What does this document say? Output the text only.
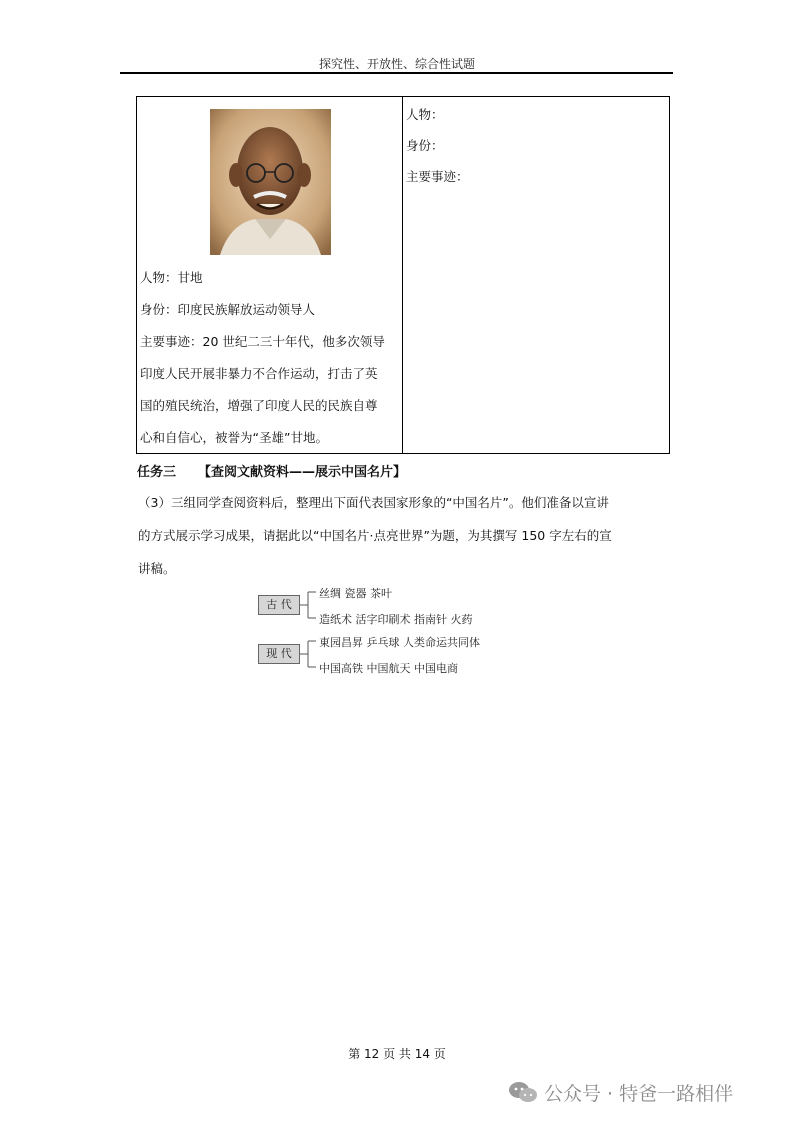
探究性、开放性、综合性试题
人物：甘地
身份：印度民族解放运动领导人
主要事迹：20 世纪二三十年代，他多次领导
印度人民开展非暴力不合作运动，打击了英
国的殖民统治，增强了印度人民的民族自尊
心和自信心，被誉为“圣雄”甘地。
人物：
身份：
主要事迹：
任务三 【查阅文献资料——展示中国名片】
（3）三组同学查阅资料后，整理出下面代表国家形象的“中国名片”。他们准备以宣讲
的方式展示学习成果，请据此以“中国名片·点亮世界”为题，为其撰写 150 字左右的宣
讲稿。
古 代
丝绸 瓷器 茶叶
造纸术 活字印刷术 指南针 火药
现 代
東园昌昇 乒乓球 人类命运共同体
中国高铁 中国航天 中国电商
第 12 页 共 14 页
公众号 · 特爸一路相伴
